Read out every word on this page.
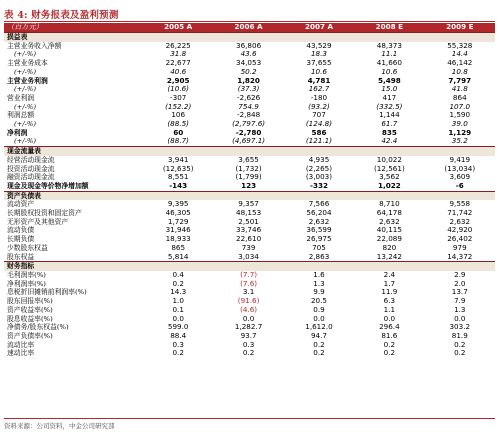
表 4: 财务报表及盈利预测
（百万元）	2005 A	2006 A	2007 A	2008 E	2009 E
损益表					
主营业务收入净额	26,225	36,806	43,529	48,373	55,328
(+/-%)	31.8	43.6	18.3	11.1	14.4
主营业务成本	22,677	34,053	37,655	41,660	46,142
(+/-%)	40.6	50.2	10.6	10.6	10.8
主营业务利润	2,905	1,820	4,781	5,498	7,797
(+/-%)	(10.6)	(37.3)	162.7	15.0	41.8
营业利润	-307	-2,626	-180	417	864
(+/-%)	(152.2)	754.9	(93.2)	(332.5)	107.0
利润总额	106	-2,848	707	1,144	1,590
(+/-%)	(88.5)	(2,797.6)	(124.8)	61.7	39.0
净利润	60	-2,780	586	835	1,129
(+/-%)	(88.7)	(4,697.1)	(121.1)	42.4	35.2
现金流量表					
经营活动现金流	3,941	3,655	4,935	10,022	9,419
投资活动现金流	(12,635)	(1,732)	(2,265)	(12,561)	(13,034)
融资活动现金流	8,551	(1,799)	(3,003)	3,562	3,609
现金及现金等价物净增加额	-143	123	-332	1,022	-6
资产负债表					
流动资产	9,395	9,357	7,566	8,710	9,558
长期股权投资和固定资产	46,305	48,153	56,204	64,178	71,742
无形资产及其他资产	1,729	2,501	2,632	2,632	2,632
流动负债	31,946	33,746	36,599	40,115	42,920
长期负债	18,933	22,610	26,975	22,089	26,402
少数股东权益	865	739	705	820	979
股东权益	5,814	3,034	2,863	13,242	14,372
财务指标					
毛利润率(%)	0.4	(7.7)	1.6	2.4	2.9
净利润率(%)	0.2	(7.6)	1.3	1.7	2.0
息税折旧摊销前利润率(%)	14.3	3.1	9.9	11.9	13.7
股东回报率(%)	1.0	(91.6)	20.5	6.3	7.9
资产收益率(%)	0.1	(4.6)	0.9	1.1	1.3
股息收益率(%)	0.0	0.0	0.0	0.0	0.0
净债务/股东权益(%)	599.0	1,282.7	1,612.0	296.4	303.2
资产负债率(%)	88.4	93.7	94.7	81.6	81.9
流动比率	0.3	0.3	0.2	0.2	0.2
速动比率	0.2	0.2	0.2	0.2	0.2
资料来源：公司资料，中金公司研究部
